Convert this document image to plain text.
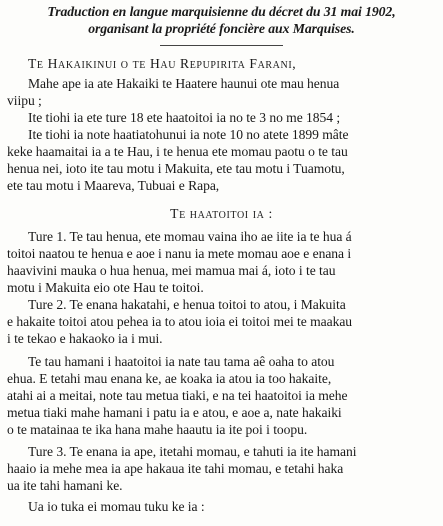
Traduction en langue marquisienne du décret du 31 mai 1902,
organisant la propriété foncière aux Marquises.
Te Hakaikinui o te Hau Repupirita Farani,
Mahe ape ia ate Hakaiki te Haatere haunui ote mau henua
viipu ;
Ite tiohi ia ete ture 18 ete haatoitoi ia no te 3 no me 1854 ;
Ite tiohi ia note haatiatohunui ia note 10 no atete 1899 mâte
keke haamaitai ia a te Hau, i te henua ete momau paotu o te tau
henua nei, ioto ite tau motu i Makuita, ete tau motu i Tuamotu,
ete tau motu i Maareva, Tubuai e Rapa,
Te haatoitoi ia :
Ture 1. Te tau henua, ete momau vaina iho ae iite ia te hua á
toitoi naatou te henua e aoe i nanu ia mete momau aoe e enana i
haavivini mauka o hua henua, mei mamua mai á, ioto i te tau
motu i Makuita eio ote Hau te toitoi.
Ture 2. Te enana hakatahi, e henua toitoi to atou, i Makuita
e hakaite toitoi atou pehea ia to atou ioia ei toitoi mei te maakau
i te tekao e hakaoko ia i mui.
Te tau hamani i haatoitoi ia nate tau tama aê oaha to atou
ehua. E tetahi mau enana ke, ae koaka ia atou ia too hakaite,
atahi ai a meitai, note tau metua tiaki, e na tei haatoitoi ia mehe
metua tiaki mahe hamani i patu ia e atou, e aoe a, nate hakaiki
o te matainaa te ika hana mahe haautu ia ite poi i toopu.
Ture 3. Te enana ia ape, itetahi momau, e tahuti ia ite hamani
haaio ia mehe mea ia ape hakaua ite tahi momau, e tetahi haka
ua ite tahi hamani ke.
Ua io tuka ei momau tuku ke ia :
